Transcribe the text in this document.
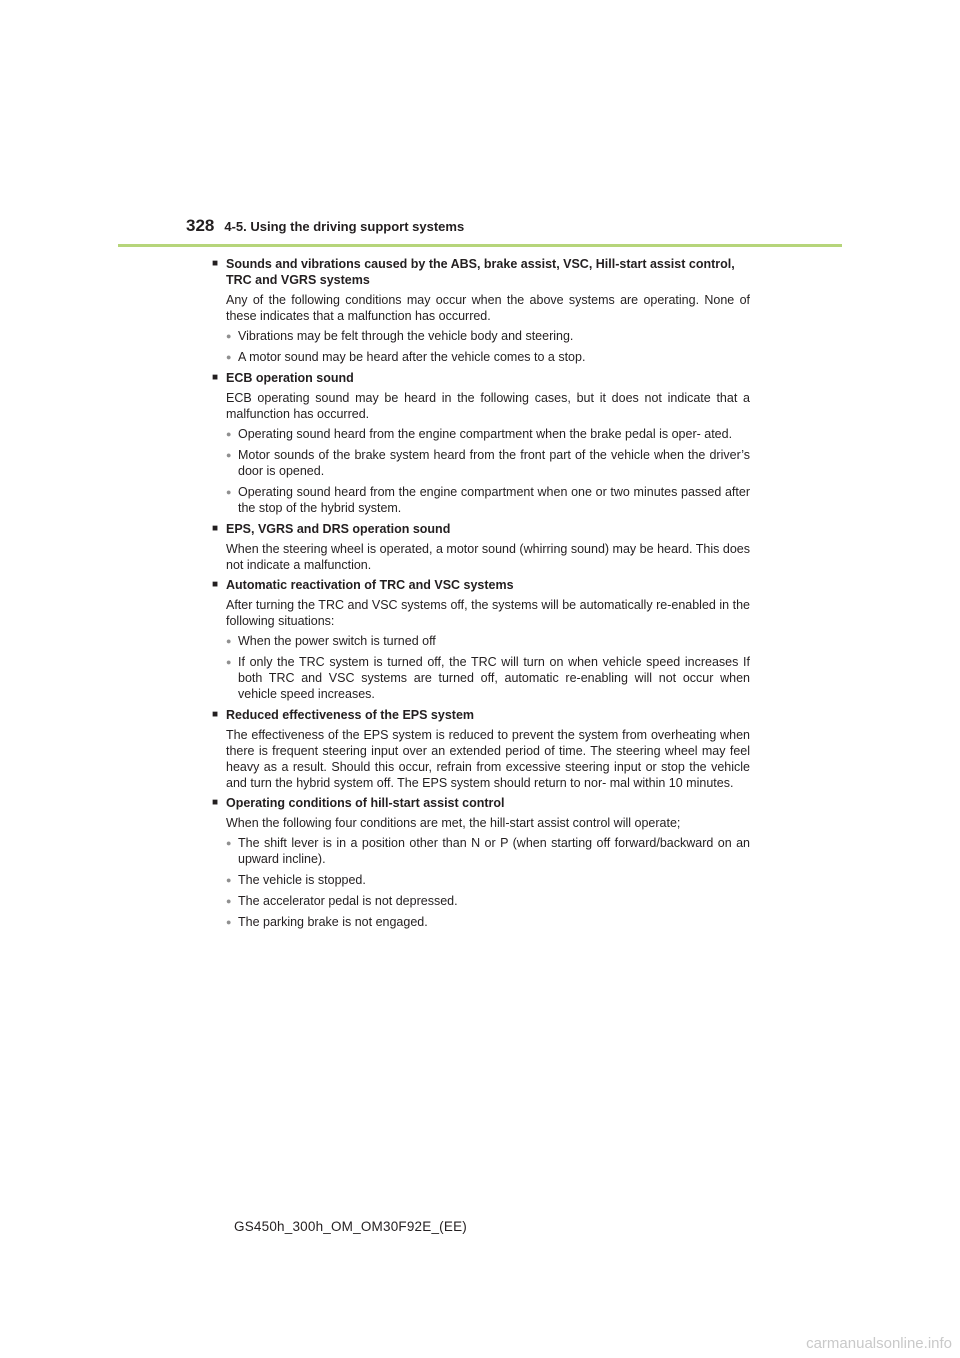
328 4-5. Using the driving support systems
■ Sounds and vibrations caused by the ABS, brake assist, VSC, Hill-start assist control, TRC and VGRS systems
Any of the following conditions may occur when the above systems are operating. None of these indicates that a malfunction has occurred.
● Vibrations may be felt through the vehicle body and steering.
● A motor sound may be heard after the vehicle comes to a stop.
■ ECB operation sound
ECB operating sound may be heard in the following cases, but it does not indicate that a malfunction has occurred.
● Operating sound heard from the engine compartment when the brake pedal is oper- ated.
● Motor sounds of the brake system heard from the front part of the vehicle when the driver’s door is opened.
● Operating sound heard from the engine compartment when one or two minutes passed after the stop of the hybrid system.
■ EPS, VGRS and DRS operation sound
When the steering wheel is operated, a motor sound (whirring sound) may be heard. This does not indicate a malfunction.
■ Automatic reactivation of TRC and VSC systems
After turning the TRC and VSC systems off, the systems will be automatically re-enabled in the following situations:
● When the power switch is turned off
● If only the TRC system is turned off, the TRC will turn on when vehicle speed increases If both TRC and VSC systems are turned off, automatic re-enabling will not occur when vehicle speed increases.
■ Reduced effectiveness of the EPS system
The effectiveness of the EPS system is reduced to prevent the system from overheating when there is frequent steering input over an extended period of time. The steering wheel may feel heavy as a result. Should this occur, refrain from excessive steering input or stop the vehicle and turn the hybrid system off. The EPS system should return to nor- mal within 10 minutes.
■ Operating conditions of hill-start assist control
When the following four conditions are met, the hill-start assist control will operate;
● The shift lever is in a position other than N or P (when starting off forward/backward on an upward incline).
● The vehicle is stopped.
● The accelerator pedal is not depressed.
● The parking brake is not engaged.
GS450h_300h_OM_OM30F92E_(EE)
carmanualsonline.info
